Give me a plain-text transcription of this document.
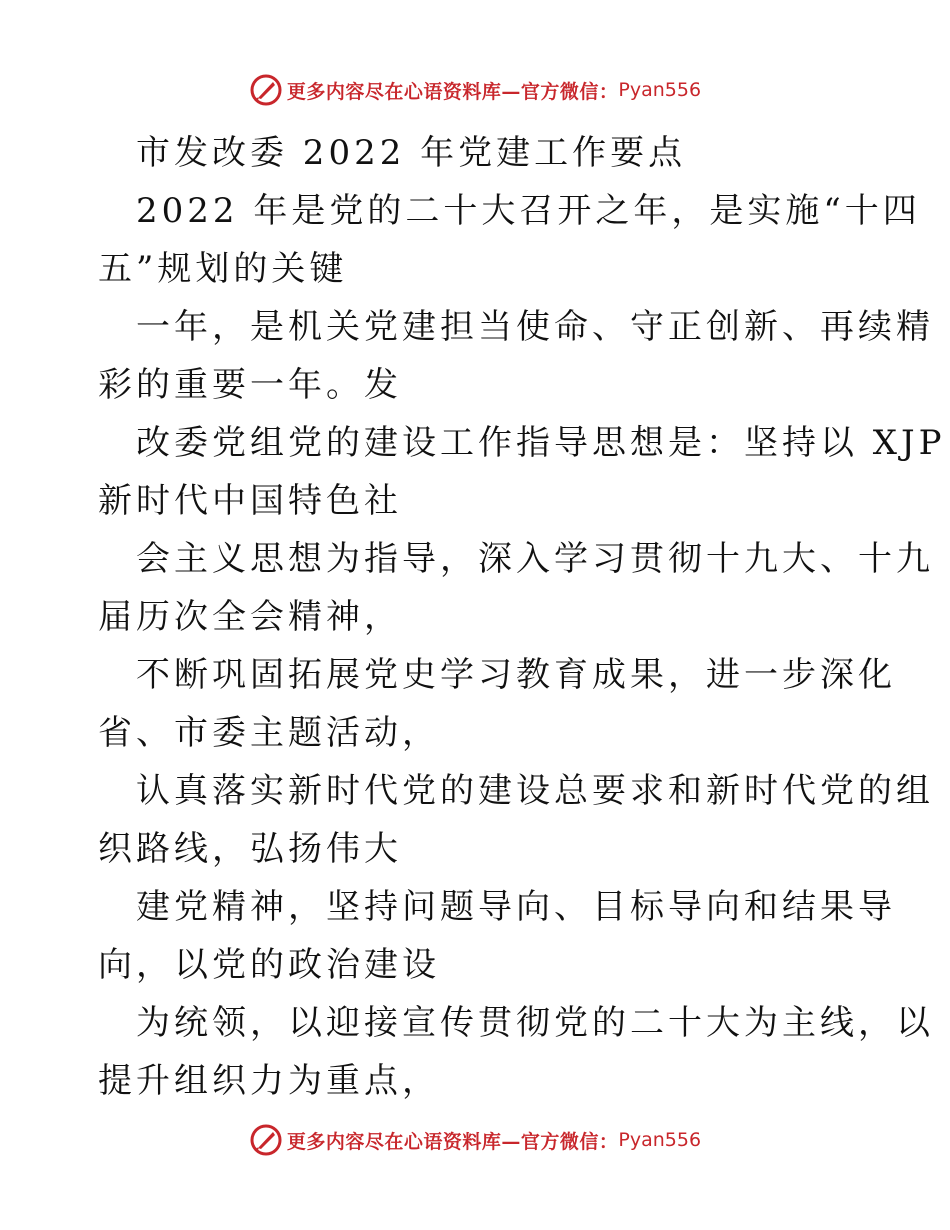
更多内容尽在心语资料库—官方微信： Pyan556
市发改委 2022 年党建工作要点
2022 年是党的二十大召开之年，是实施“十四
五”规划的关键
一年，是机关党建担当使命、守正创新、再续精
彩的重要一年。发
改委党组党的建设工作指导思想是：坚持以 XJP
新时代中国特色社
会主义思想为指导，深入学习贯彻十九大、十九
届历次全会精神，
不断巩固拓展党史学习教育成果，进一步深化
省、市委主题活动，
认真落实新时代党的建设总要求和新时代党的组
织路线，弘扬伟大
建党精神，坚持问题导向、目标导向和结果导
向，以党的政治建设
为统领，以迎接宣传贯彻党的二十大为主线，以
提升组织力为重点，
更多内容尽在心语资料库—官方微信： Pyan556
